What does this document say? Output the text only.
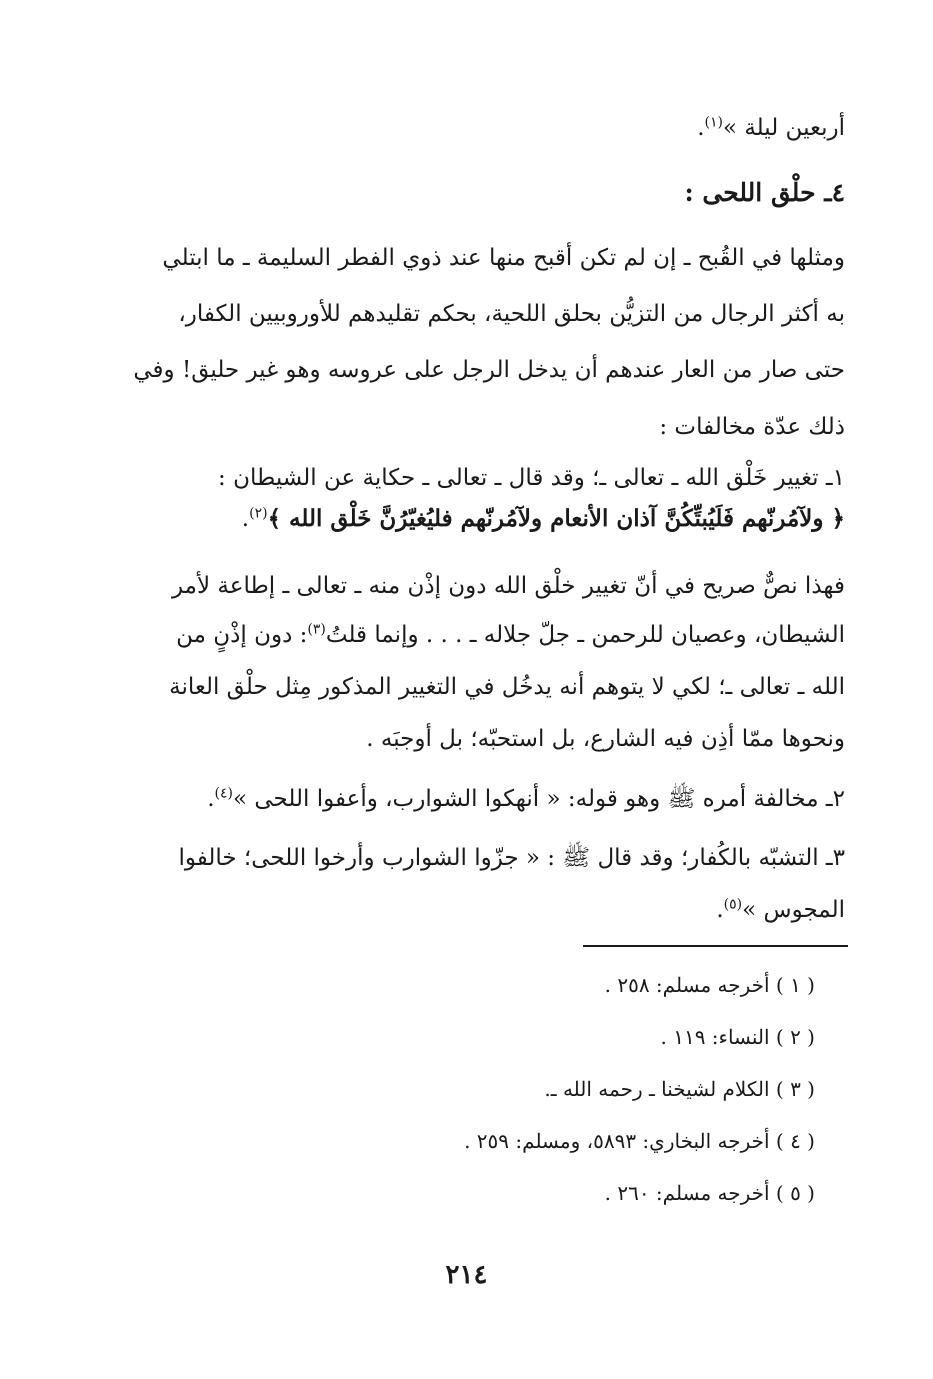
أربعين ليلة »$^{(١)}$.
٤ـ حلْق اللحى :
ومثلها في القُبح ـ إن لم تكن أقبح منها عند ذوي الفطر السليمة ـ ما ابتلي
به أكثر الرجال من التزيُّن بحلق اللحية، بحكم تقليدهم للأوروبيين الكفار،
حتى صار من العار عندهم أن يدخل الرجل على عروسه وهو غير حليق! وفي
ذلك عدّة مخالفات :
١ـ تغيير خَلْق الله ـ تعالى ـ؛ وقد قال ـ تعالى ـ حكاية عن الشيطان :
﴿ ولآمُرنّهم فَلَيُبتِّكُنَّ آذان الأنعام ولآمُرنّهم فليُغيّرُنَّ خَلْق الله ﴾$^{(٢)}$.
فهذا نصٌّ صريح في أنّ تغيير خلْق الله دون إذْن منه ـ تعالى ـ إطاعة لأمر
الشيطان، وعصيان للرحمن ـ جلّ جلاله ـ . . . وإنما قلتُ$^{(٣)}$: دون إذْنٍ من
الله ـ تعالى ـ؛ لكي لا يتوهم أنه يدخُل في التغيير المذكور مِثل حلْق العانة
ونحوها ممّا أذِن فيه الشارع، بل استحبّه؛ بل أوجبَه .
٢ـ مخالفة أمره ﷺ وهو قوله: « أنهكوا الشوارب، وأعفوا اللحى »$^{(٤)}$.
٣ـ التشبّه بالكُفار؛ وقد قال ﷺ : « جزّوا الشوارب وأرخوا اللحى؛ خالفوا
المجوس »$^{(٥)}$.
( ١ ) أخرجه مسلم: ٢٥٨ .
( ٢ ) النساء: ١١٩ .
( ٣ ) الكلام لشيخنا ـ رحمه الله ـ.
( ٤ ) أخرجه البخاري: ٥٨٩٣، ومسلم: ٢٥٩ .
( ٥ ) أخرجه مسلم: ٢٦٠ .
٢١٤
